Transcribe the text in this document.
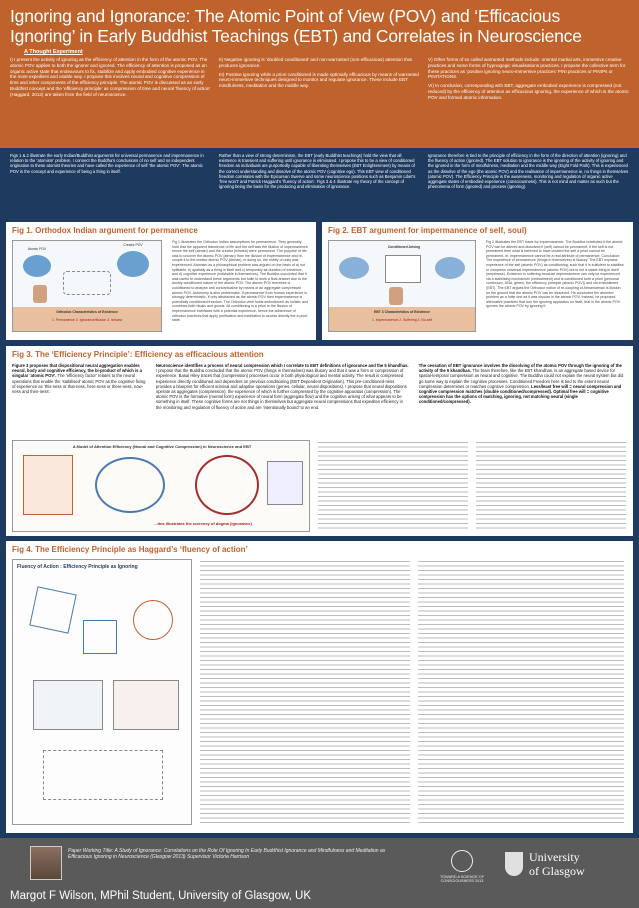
Ignoring and Ignorance: The Atomic Point of View (POV) and ‘Efficacious Ignoring’ in Early Buddhist Teachings (EBT) and Correlates in Neuroscience
A Thought Experiment

I) I present the activity of ignoring as the efficiency of attention in the form of the atomic POV. The atomic POV applies to both the ignorer and ignored. The efficiency of attention is proposed as an organic active state that endeavours to fix, stabilize and apply embodied cognitive experience in the most expedient and usable way. I propose this involves neural and cognitive compression of time and other components of the efficiency principle. The atomic POV is discussed as an early Buddhist concept and the ‘efficiency principle’ as compression of time and neural ‘fluency of action’ (Haggard, 2012) are taken from the field of neuroscience.

II) Negative ignoring is ‘doubled conditioned’ and non-warranted (non-efficacious) attention that produces ignorance.

III) Positive ignoring while a priori conditioned is made optimally efficacious by means of warranted neuro-immersive techniques designed to monitor and regulate ignorance. These include EBT mindfulness, meditation and the middle way.

V) Other forms of so called warranted methods include: oriental martial arts, immersive creative practices and some forms of hypnogogic visualisations practices. I propose the collective term for these practices as ‘positive ignoring neuro-immersive practices’ PINI practices or PINIPs or PINITATIONS.

VI) In conclusion, corresponding with EBT, aggregate embodied experience is compressed (not reduced) by the efficiency of attention as efficacious ignoring, the experience of which is the atomic POV and formed atomic information.

Figs 1 & 2 illustrate the early Indian/Buddhist arguments for universal permanence and impermanence in relation to the ‘atomism’ problem. I connect the Buddha’s conclusions of no self and no independent origination to these atomist theories and have called the experience of self ‘the atomic POV’. The atomic POV is the concept and experience of being a thing in itself.
Rather than a view of strong determinism, the EBT (early Buddhist teachings) hold the view that all existence is transient and suffering until ignorance is eliminated. I propose this to be a view of conditioned freedom as individuals are purportedly capable of liberating themselves (EBT Enlightenment) by means of the correct understanding and dissolve of the atomic POV (cognitive ego). This EBT view of conditioned freedom correlates with the Epicurean Swerve and some neuroscience positions such as Benjamin Libet’s ‘free won’t’ and Patrick Haggard’s ‘fluency of action’. Figs 3 & 4 illustrate my theory of the concept of ignoring being the basis for the producing and elimination of ignorance.
Ignorance therefore is tied to the principle of efficiency in the form of the direction of attention (ignoring) and the fluency of action (ignored). The EBT solution to ignorance is the ignoring of the activity of ignoring and the ignored in the form of mindfulness, meditation and the middle way (Eight Fold Path). This is experienced as the dissolve of the ego (the atomic POV) and the realisation of impermanence ie, no things in themselves (atomic POV). The Efficiency Principle is the awareness, monitoring and regulation of organic active aggregate states of embodied experience (consciousness). This is not mind and matter as such but the phenomena of form (ignored) and process (ignoring).
Fig 1. Orthodox Indian argument for permanence
Atomic POV
Creator POV
Orthodox Characteristics of Existence
1. Permanence 2. Ignorance/Illusion 3. Ishvara
Fig 1 illustrates the Orthodox Indian assumptions for permanence. They generally hold that the apparent transience of life and the self was the illusion of impermanence hence the self (atman) and the creator (ishvara) were permanent. The purpose of life was to uncover the atomic POV (atman) from the illusion of impermanence and re-couple it to the creator atomic POV (Atman), in doing so, the reality of unity was experienced. Atomism as a philosophical problem was argued on the basis of a) not splittable, b) spatially as a thing in itself and c) temporally as duration of existence, and d) cognitive experience (indivisible in themselves). The Buddha concluded that it was useful to understand these arguments but futile to seek a final answer due to the doubly conditioned nature of the atomic POV. The atomic POV therefore is conditioned to analyse and conceptualise by means of an aggregate compressed atomic POV. Autonomy is also problematic. If permanence from human experience is strongly deterministic, if only abstracted as the atomic POV then impermanence is potentially conditioned freedom. The Orthodox view holds embodiment as holistic and combines both rituals and gnosis. All conditioning is a priori to the illusion of impermanence interfaces with a potential experience, hence the adherence of orthodox practices that apply purification and meditation to access directly the a priori state.
Fig 2. EBT argument for impermanence of self, soul)
Conditioned Arising
EBT 3 Characteristics of Existence
1. Impermanence 2. Suffering 3. No-self
Fig 2 illustrates the EBT basis for impermanence. The Buddha concluded if the atomic POV can be altered and dissolved it (self) cannot be permanent. If the self is not permanent then what is believed to have created the self a priori cannot be permanent, ie: impermanence cannot be a real attribute of permanence. Conclusion: The experience of permanence (things in themselves) is illusory. The EBT explains experience of the self (atomic POV) as conditioning, such that it is sufficient to stabilise or compress universal impermanence (atomic POV) but is not a stable thing in itself (emptiness). Existence is suffering because impermanence can only be experienced via a stabilising mechanism (embodiment) and is conditioned both a priori (personal continuum, DNA, genes, the efficiency principle (atomic POV)) and via embodiment (EBT). The EBT argues the Orthodox notion of re-coupling of Atman/atman is illusion on the ground that the atomic POV can be dissolved. He concluded the atomism problem as a futile one as it was circular in the atomic POV. Instead, he proposed alternative practices that turn the ignoring apparatus on itself, that is the atomic POV ignores the atomic POV by ignoring it.
Fig 3. The ‘Efficiency Principle’: Efficiency as efficacious attention
Figure 3 proposes that dispositional neural aggregation enables neural, body and cognitive efficiency, the bi-product of which is a singular ‘atomic POV’. The ‘efficiency factor’ relates to the neural operations that enable the ‘stabilised’ atomic POV as the cognitive fixing of experience as ‘this-ness or that-ness, here-ness or there-ness, now-ness and then-ness’.
Neuroscience identifies a process of neural compression which I correlate to EBT definitions of ignorance and the 5 khandhas. I propose that the Buddha concluded that the atomic POV (things in themselves) was illusory and that it was a form or compression of experience. Basal Hiley traces that (compression) processes occur in both physiological and mental activity. The result is compressed experience directly conditioned and dependent on previous conditioning (EBT Dependent Origination). This pre-conditioned-ness provides a blueprint for efficient survival and adaptive operations (genes, cellular, neural dispositions). I propose that neural dispositions operate as aggregates (compression), the experience of which is further compressed by the cognitive apparatus (compression). The atomic POV is the formative (mental form) experience of neural form (aggregate flow) and the cognitive arising of what appears to be something in itself. These cognitive forms are not things in themselves but aggregate neural compressions that expedites efficiency in the monitoring and regulation of fluency of action and are ‘intentionally bound’ to an end.
The cessation of EBT ignorance involves the dissolving of the atomic POV through the ignoring of the activity of the 5 khandhas. The brain therefore, like the EBT khandhas, is an aggregate based device for spatial-temporal compression as neural and cognitive. The Buddha could not explain the neural system but did go some way to explain the cognitive processes. Conditioned Freedom here is tied to the extent neural compression determines or matches cognitive compression. Less/least free will = neural compression and cognitive compression matches (double conditioned/compressed). Optimal free will = cognitive compression has the options of matching, ignoring, not matching neural (single conditioned/compressed).
A Model of Attention Efficiency (Neural and Cognitive Compression) in Neuroscience and EBT
...this illustrates the currency of dogma (ignorance)
Fig 4. The Efficiency Principle as Haggard’s ‘fluency of action’
Fluency of Action : Efficiency Principle as Ignoring
Paper Working Title: A Study of Ignorance: Correlations on the Role Of Ignoring In Early Buddhist Ignorance and Mindfulness and Meditation as Efficacious Ignoring in Neuroscience (Glasgow 2013) Supervisor Victoria Harrison
Margot F Wilson, MPhil Student, University of Glasgow, UK
TOWARD A SCIENCE OF CONSCIOUSNESS 2013
University
of Glasgow
